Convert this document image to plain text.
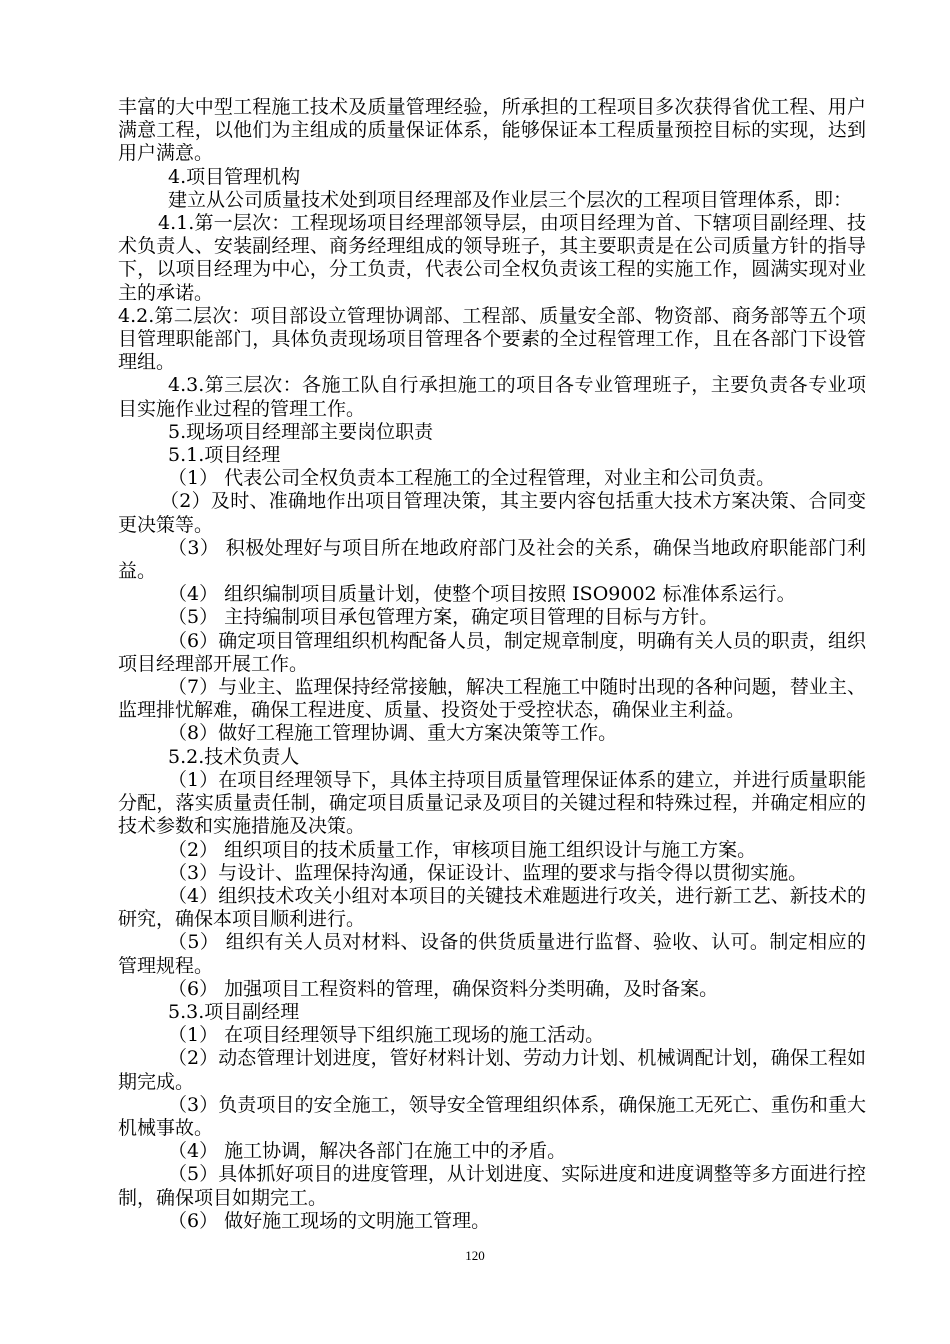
丰富的大中型工程施工技术及质量管理经验，所承担的工程项目多次获得省优工程、用户满意工程，以他们为主组成的质量保证体系，能够保证本工程质量预控目标的实现，达到用户满意。

4.项目管理机构

建立从公司质量技术处到项目经理部及作业层三个层次的工程项目管理体系，即：

4.1.第一层次：工程现场项目经理部领导层，由项目经理为首、下辖项目副经理、技术负责人、安装副经理、商务经理组成的领导班子，其主要职责是在公司质量方针的指导下，以项目经理为中心，分工负责，代表公司全权负责该工程的实施工作，圆满实现对业主的承诺。

4.2.第二层次：项目部设立管理协调部、工程部、质量安全部、物资部、商务部等五个项目管理职能部门，具体负责现场项目管理各个要素的全过程管理工作，且在各部门下设管理组。

4.3.第三层次：各施工队自行承担施工的项目各专业管理班子，主要负责各专业项目实施作业过程的管理工作。

5.现场项目经理部主要岗位职责

5.1.项目经理

（1） 代表公司全权负责本工程施工的全过程管理，对业主和公司负责。

（2）及时、准确地作出项目管理决策，其主要内容包括重大技术方案决策、合同变更决策等。

（3） 积极处理好与项目所在地政府部门及社会的关系，确保当地政府职能部门利益。

（4） 组织编制项目质量计划，使整个项目按照 ISO9002 标准体系运行。

（5） 主持编制项目承包管理方案，确定项目管理的目标与方针。

（6）确定项目管理组织机构配备人员，制定规章制度，明确有关人员的职责，组织项目经理部开展工作。

（7）与业主、监理保持经常接触，解决工程施工中随时出现的各种问题，替业主、监理排忧解难，确保工程进度、质量、投资处于受控状态，确保业主利益。

（8）做好工程施工管理协调、重大方案决策等工作。

5.2.技术负责人

（1）在项目经理领导下，具体主持项目质量管理保证体系的建立，并进行质量职能分配，落实质量责任制，确定项目质量记录及项目的关键过程和特殊过程，并确定相应的技术参数和实施措施及决策。

（2） 组织项目的技术质量工作，审核项目施工组织设计与施工方案。

（3）与设计、监理保持沟通，保证设计、监理的要求与指令得以贯彻实施。

（4）组织技术攻关小组对本项目的关键技术难题进行攻关，进行新工艺、新技术的研究，确保本项目顺利进行。

（5） 组织有关人员对材料、设备的供货质量进行监督、验收、认可。制定相应的管理规程。

（6） 加强项目工程资料的管理，确保资料分类明确，及时备案。

5.3.项目副经理

（1） 在项目经理领导下组织施工现场的施工活动。

（2）动态管理计划进度，管好材料计划、劳动力计划、机械调配计划，确保工程如期完成。

（3）负责项目的安全施工，领导安全管理组织体系，确保施工无死亡、重伤和重大机械事故。

（4） 施工协调，解决各部门在施工中的矛盾。

（5）具体抓好项目的进度管理，从计划进度、实际进度和进度调整等多方面进行控制，确保项目如期完工。

（6） 做好施工现场的文明施工管理。

120
